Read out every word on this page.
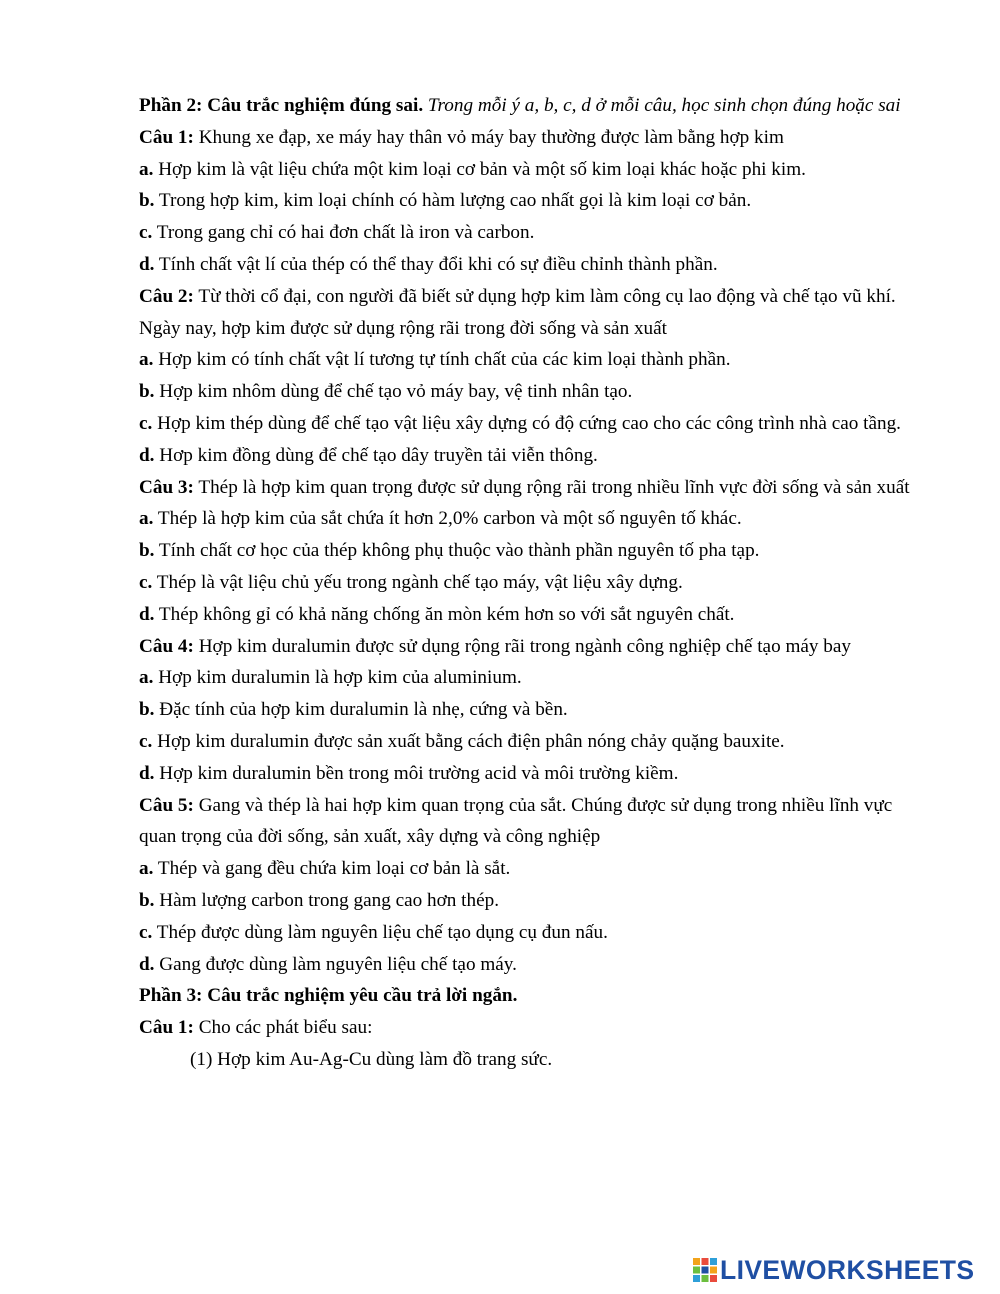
Phần 2: Câu trắc nghiệm đúng sai. Trong mỗi ý a, b, c, d ở mỗi câu, học sinh chọn đúng hoặc sai

Câu 1: Khung xe đạp, xe máy hay thân vỏ máy bay thường được làm bằng hợp kim

a. Hợp kim là vật liệu chứa một kim loại cơ bản và một số kim loại khác hoặc phi kim.

b. Trong hợp kim, kim loại chính có hàm lượng cao nhất gọi là kim loại cơ bản.

c. Trong gang chỉ có hai đơn chất là iron và carbon.

d. Tính chất vật lí của thép có thể thay đổi khi có sự điều chỉnh thành phần.

Câu 2: Từ thời cổ đại, con người đã biết sử dụng hợp kim làm công cụ lao động và chế tạo vũ khí. Ngày nay, hợp kim được sử dụng rộng rãi trong đời sống và sản xuất

a. Hợp kim có tính chất vật lí tương tự tính chất của các kim loại thành phần.

b. Hợp kim nhôm dùng để chế tạo vỏ máy bay, vệ tinh nhân tạo.

c. Hợp kim thép dùng để chế tạo vật liệu xây dựng có độ cứng cao cho các công trình nhà cao tầng.

d. Hơp kim đồng dùng để chế tạo dây truyền tải viễn thông.

Câu 3: Thép là hợp kim quan trọng được sử dụng rộng rãi trong nhiều lĩnh vực đời sống và sản xuất

a. Thép là hợp kim của sắt chứa ít hơn 2,0% carbon và một số nguyên tố khác.

b. Tính chất cơ học của thép không phụ thuộc vào thành phần nguyên tố pha tạp.

c. Thép là vật liệu chủ yếu trong ngành chế tạo máy, vật liệu xây dựng.

d. Thép không gỉ có khả năng chống ăn mòn kém hơn so với sắt nguyên chất.

Câu 4: Hợp kim duralumin được sử dụng rộng rãi trong ngành công nghiệp chế tạo máy bay

a. Hợp kim duralumin là hợp kim của aluminium.

b. Đặc tính của hợp kim duralumin là nhẹ, cứng và bền.

c. Hợp kim duralumin được sản xuất bằng cách điện phân nóng chảy quặng bauxite.

d. Hợp kim duralumin bền trong môi trường acid và môi trường kiềm.

Câu 5: Gang và thép là hai hợp kim quan trọng của sắt. Chúng được sử dụng trong nhiều lĩnh vực quan trọng của đời sống, sản xuất, xây dựng và công nghiệp

a. Thép và gang đều chứa kim loại cơ bản là sắt.

b. Hàm lượng carbon trong gang cao hơn thép.

c. Thép được dùng làm nguyên liệu chế tạo dụng cụ đun nấu.

d. Gang được dùng làm nguyên liệu chế tạo máy.

Phần 3: Câu trắc nghiệm yêu cầu trả lời ngắn.

Câu 1: Cho các phát biểu sau:

(1) Hợp kim Au-Ag-Cu dùng làm đồ trang sức.

LIVEWORKSHEETS
